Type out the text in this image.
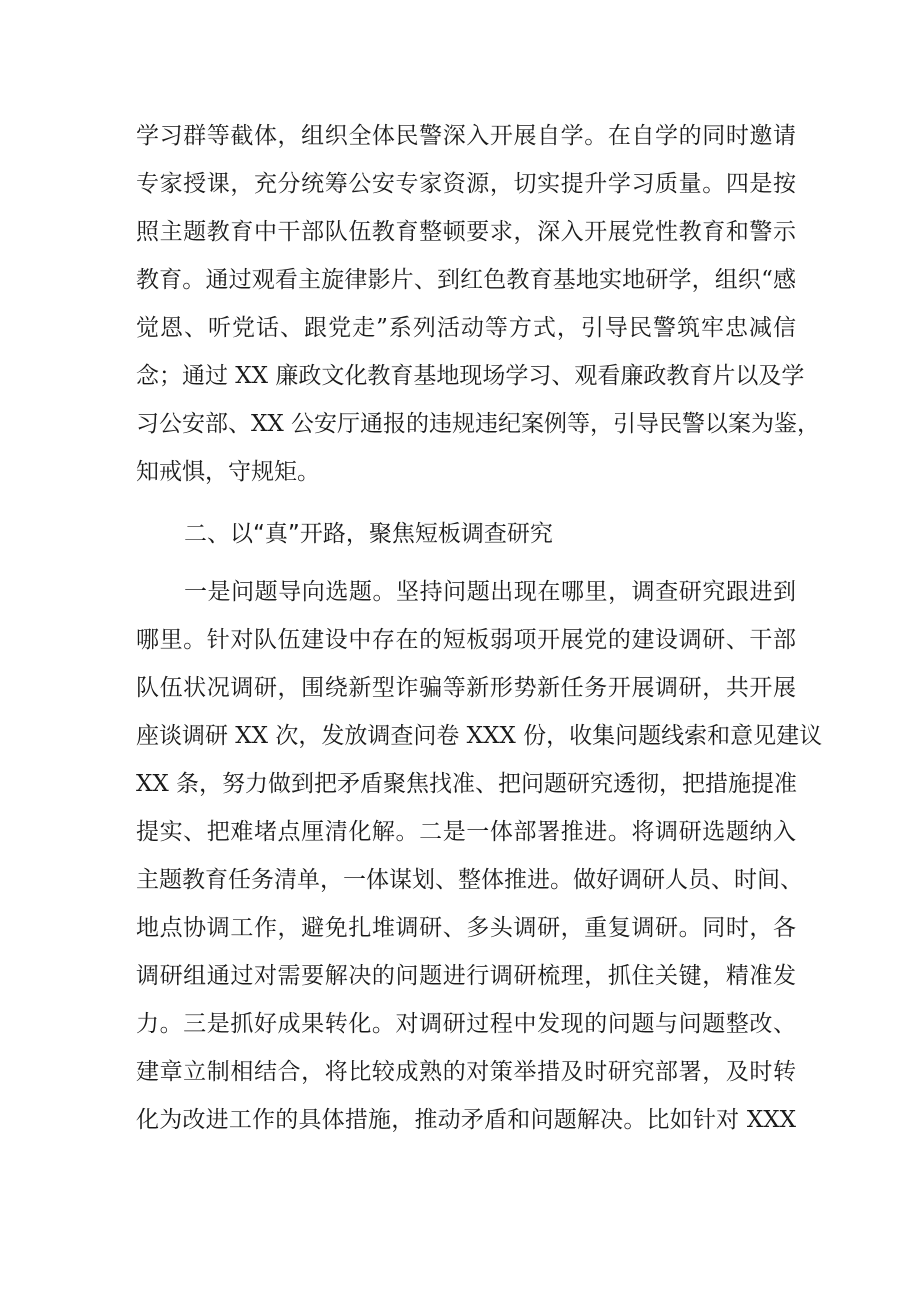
学习群等截体，组织全体民警深入开展自学。在自学的同时邀请
专家授课，充分统筹公安专家资源，切实提升学习质量。四是按
照主题教育中干部队伍教育整顿要求，深入开展党性教育和警示
教育。通过观看主旋律影片、到红色教育基地实地研学，组织“感
觉恩、听党话、跟党走”系列活动等方式，引导民警筑牢忠减信
念；通过 XX 廉政文化教育基地现场学习、观看廉政教育片以及学
习公安部、XX 公安厅通报的违规违纪案例等，引导民警以案为鉴，
知戒惧，守规矩。
二、以“真”开路，聚焦短板调查研究
一是问题导向选题。坚持问题出现在哪里，调查研究跟进到
哪里。针对队伍建设中存在的短板弱项开展党的建设调研、干部
队伍状况调研，围绕新型诈骗等新形势新任务开展调研，共开展
座谈调研 XX 次，发放调查问卷 XXX 份，收集问题线索和意见建议
XX 条，努力做到把矛盾聚焦找准、把问题研究透彻，把措施提准
提实、把难堵点厘清化解。二是一体部署推进。将调研选题纳入
主题教育任务清单，一体谋划、整体推进。做好调研人员、时间、
地点协调工作，避免扎堆调研、多头调研，重复调研。同时，各
调研组通过对需要解决的问题进行调研梳理，抓住关键，精准发
力。三是抓好成果转化。对调研过程中发现的问题与问题整改、
建章立制相结合，将比较成熟的对策举措及时研究部署，及时转
化为改进工作的具体措施，推动矛盾和问题解决。比如针对 XXX
